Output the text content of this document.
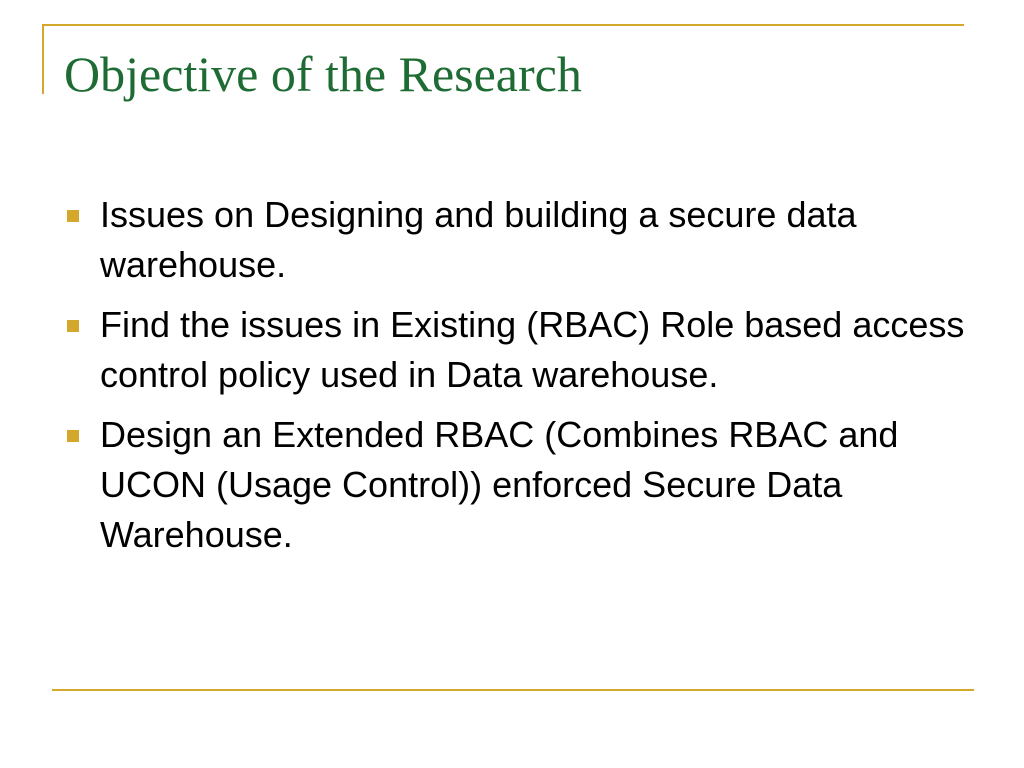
Objective of the Research
Issues on Designing and building a secure data warehouse.
Find the issues in Existing (RBAC) Role based access control policy used in Data warehouse.
Design an Extended RBAC (Combines RBAC and UCON (Usage Control)) enforced Secure Data Warehouse.
